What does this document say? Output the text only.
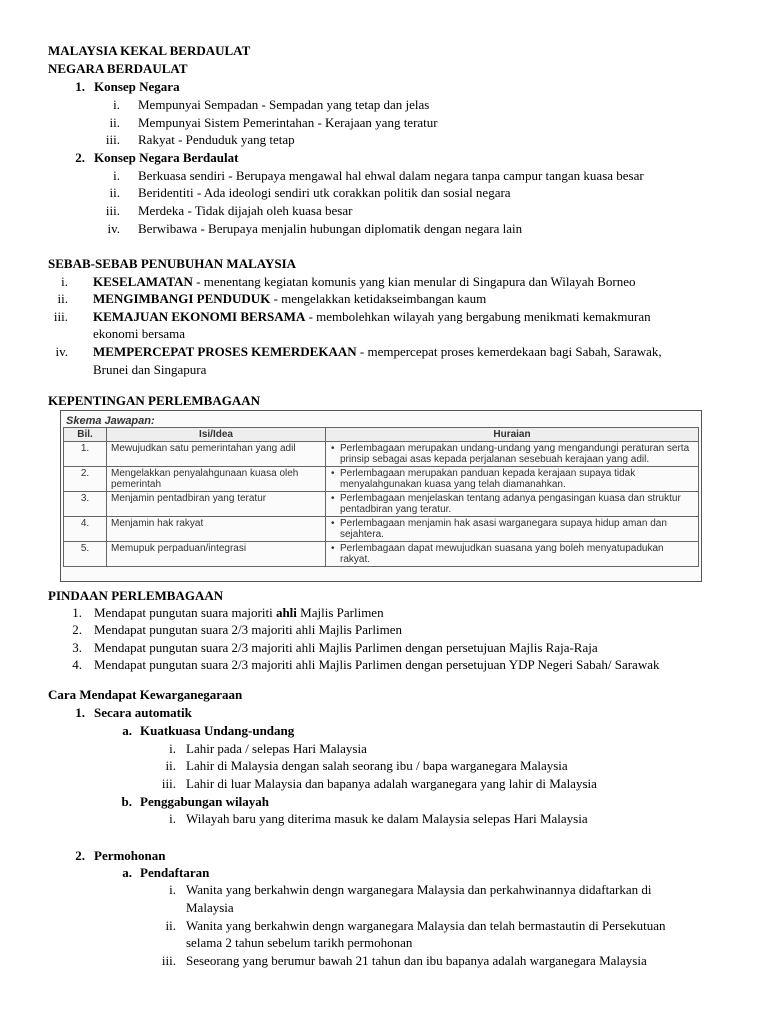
MALAYSIA KEKAL BERDAULAT
NEGARA BERDAULAT
1. Konsep Negara
i. Mempunyai Sempadan - Sempadan yang tetap dan jelas
ii. Mempunyai Sistem Pemerintahan - Kerajaan yang teratur
iii. Rakyat - Penduduk yang tetap
2. Konsep Negara Berdaulat
i. Berkuasa sendiri - Berupaya mengawal hal ehwal dalam negara tanpa campur tangan kuasa besar
ii. Beridentiti - Ada ideologi sendiri utk corakkan politik dan sosial negara
iii. Merdeka - Tidak dijajah oleh kuasa besar
iv. Berwibawa - Berupaya menjalin hubungan diplomatik dengan negara lain
SEBAB-SEBAB PENUBUHAN MALAYSIA
i. KESELAMATAN - menentang kegiatan komunis yang kian menular di Singapura dan Wilayah Borneo
ii. MENGIMBANGI PENDUDUK - mengelakkan ketidakseimbangan kaum
iii. KEMAJUAN EKONOMI BERSAMA - membolehkan wilayah yang bergabung menikmati kemakmuran
ekonomi bersama
iv. MEMPERCEPAT PROSES KEMERDEKAAN - mempercepat proses kemerdekaan bagi Sabah, Sarawak,
Brunei dan Singapura
KEPENTINGAN PERLEMBAGAAN
Skema Jawapan:
Bil.	Isi/Idea	Huraian
1.	Mewujudkan satu pemerintahan yang adil	• Perlembagaan merupakan undang-undang yang mengandungi peraturan serta prinsip sebagai asas kepada perjalanan sesebuah kerajaan yang adil.
2.	Mengelakkan penyalahgunaan kuasa oleh pemerintah	• Perlembagaan merupakan panduan kepada kerajaan supaya tidak menyalahgunakan kuasa yang telah diamanahkan.
3.	Menjamin pentadbiran yang teratur	• Perlembagaan menjelaskan tentang adanya pengasingan kuasa dan struktur pentadbiran yang teratur.
4.	Menjamin hak rakyat	• Perlembagaan menjamin hak asasi warganegara supaya hidup aman dan sejahtera.
5.	Memupuk perpaduan/integrasi	• Perlembagaan dapat mewujudkan suasana yang boleh menyatupadukan rakyat.
PINDAAN PERLEMBAGAAN
1. Mendapat pungutan suara majoriti ahli Majlis Parlimen
2. Mendapat pungutan suara 2/3 majoriti ahli Majlis Parlimen
3. Mendapat pungutan suara 2/3 majoriti ahli Majlis Parlimen dengan persetujuan Majlis Raja-Raja
4. Mendapat pungutan suara 2/3 majoriti ahli Majlis Parlimen dengan persetujuan YDP Negeri Sabah/ Sarawak
Cara Mendapat Kewarganegaraan
1. Secara automatik
a. Kuatkuasa Undang-undang
i. Lahir pada / selepas Hari Malaysia
ii. Lahir di Malaysia dengan salah seorang ibu / bapa warganegara Malaysia
iii. Lahir di luar Malaysia dan bapanya adalah warganegara yang lahir di Malaysia
b. Penggabungan wilayah
i. Wilayah baru yang diterima masuk ke dalam Malaysia selepas Hari Malaysia
2. Permohonan
a. Pendaftaran
i. Wanita yang berkahwin dengn warganegara Malaysia dan perkahwinannya didaftarkan di
Malaysia
ii. Wanita yang berkahwin dengn warganegara Malaysia dan telah bermastautin di Persekutuan
selama 2 tahun sebelum tarikh permohonan
iii. Seseorang yang berumur bawah 21 tahun dan ibu bapanya adalah warganegara Malaysia
